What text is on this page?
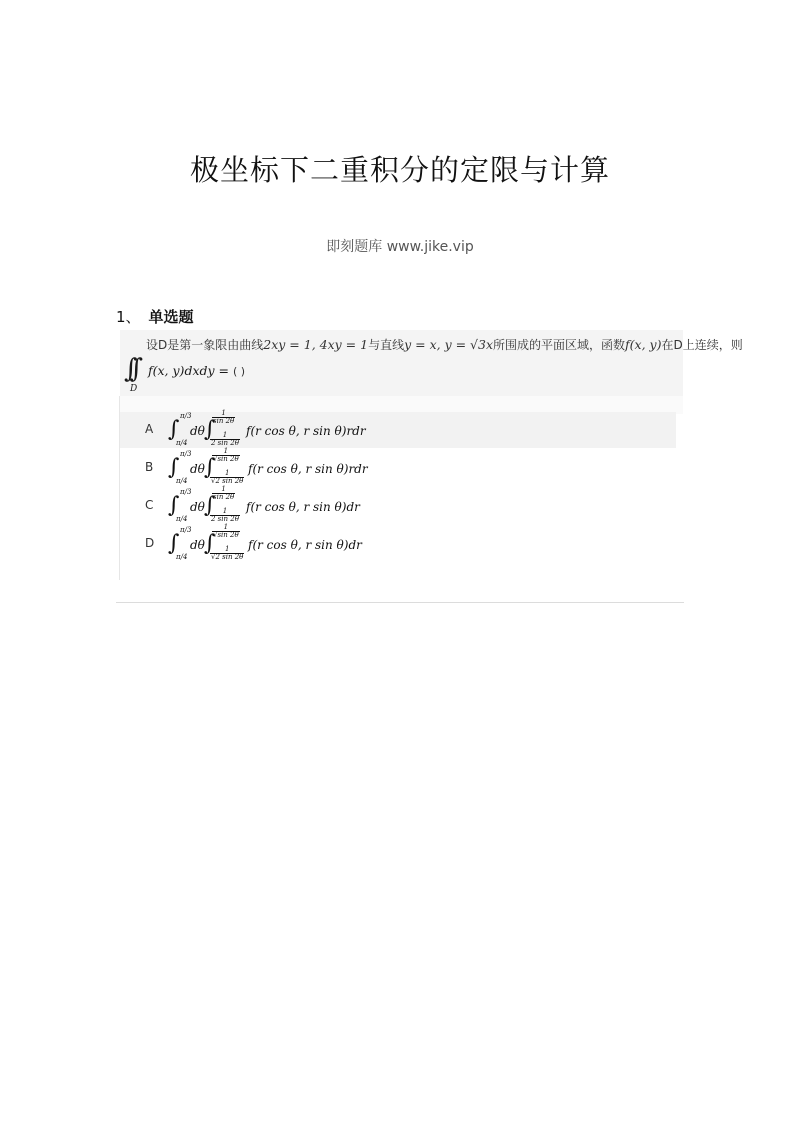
极坐标下二重积分的定限与计算
即刻题库 www.jike.vip
1、 单选题
设D是第一象限由曲线2xy = 1, 4xy = 1与直线y = x, y = √3x所围成的平面区域，函数f(x, y)在D上连续，则
∫∫
D
f(x, y)dxdy = ( )
A ∫
π/3
π/4
dθ ∫
$\frac{1}{\sin 2\theta}$
$\frac{1}{2 \sin 2\theta}$
f(r cos θ, r sin θ)rdr
B ∫
π/3
π/4
dθ ∫
$\frac{1}{√\sin 2\theta}$
$\frac{1}{√2 \sin 2\theta}$
f(r cos θ, r sin θ)rdr
C ∫
π/3
π/4
dθ ∫
$\frac{1}{\sin 2\theta}$
$\frac{1}{2 \sin 2\theta}$
f(r cos θ, r sin θ)dr
D ∫
π/3
π/4
dθ ∫
$\frac{1}{√\sin 2\theta}$
$\frac{1}{√2 \sin 2\theta}$
f(r cos θ, r sin θ)dr
